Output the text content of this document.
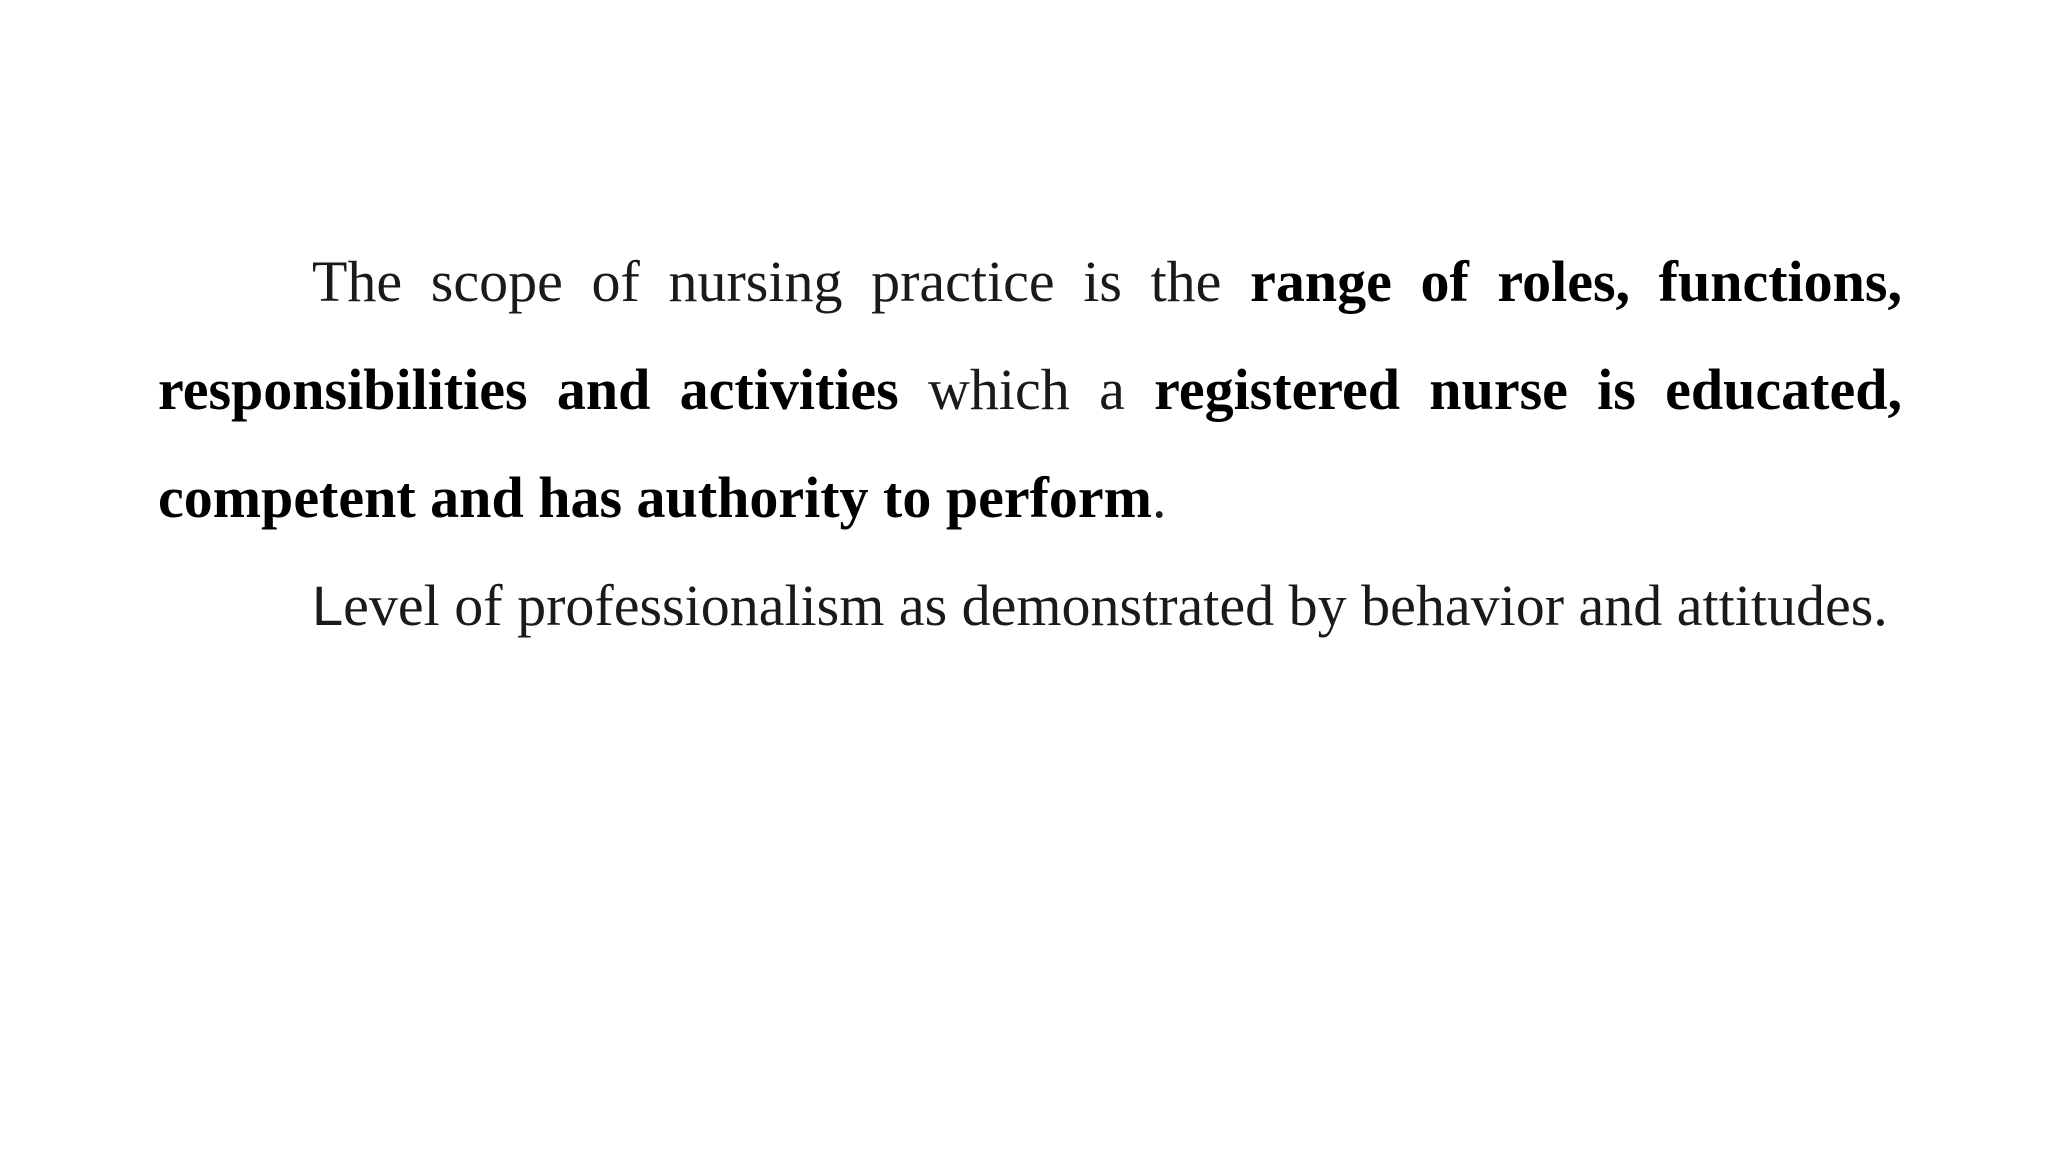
The scope of nursing practice is the range of roles, functions, responsibilities and activities which a registered nurse is educated, competent and has authority to perform.

Level of professionalism as demonstrated by behavior and attitudes.
